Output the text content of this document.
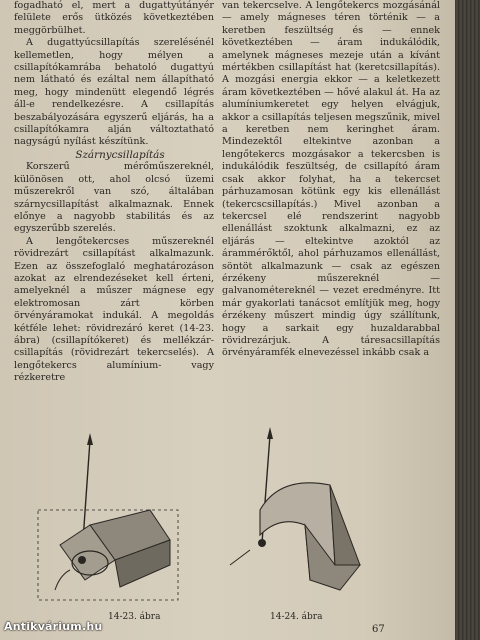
fogadható el, mert a dugattyútányér felülete erős ütközés következtében meggörbülhet.

A dugattyúcsillapítás szerelésénél kellemetlen, hogy mélyen a csillapítókamrába behatoló dugattyú nem látható és ezáltal nem állapítható meg, hogy mindenütt elegendő légrés áll-e rendelkezésre. A csillapítás beszabályozására egyszerű eljárás, ha a csillapítókamra alján változtatható nagyságú nyílást készítünk.

Szárnycsillapítás

Korszerű mérőműszereknél, különösen ott, ahol olcsó üzemi műszerekről van szó, általában szárnycsillapítást alkalmaznak. Ennek előnye a nagyobb stabilitás és az egyszerűbb szerelés.

A lengőtekercses műszereknél rövidrezárt csillapítást alkalmazunk. Ezen az összefoglaló meghatározáson azokat az elrendezéseket kell érteni, amelyeknél a műszer mágnese egy elektromosan zárt körben örvényáramokat indukál. A megoldás kétféle lehet: rövidrezáró keret (14-23. ábra) (csillapítókeret) és mellékzár-csillapítás (rövidrezárt tekercselés). A lengőtekercs alumínium- vagy rézkeretre

van tekercselve. A lengőtekercs mozgásánál — amely mágneses téren történik — a keretben feszültség és — ennek következtében — áram indukálódik, amelynek mágneses mezeje után a kívánt mértékben csillapítást hat (keretcsillapítás). A mozgási energia ekkor — a keletkezett áram következtében — hővé alakul át. Ha az alumíniumkeretet egy helyen elvágjuk, akkor a csillapítás teljesen megszűnik, mivel a keretben nem keringhet áram. Mindezektől eltekintve azonban a lengőtekercs mozgásakor a tekercsben is indukálódik feszültség, de csillapító áram csak akkor folyhat, ha a tekercset párhuzamosan kötünk egy kis ellenállást (tekercscsillapítás.) Mivel azonban a tekercsel elé rendszerint nagyobb ellenállást szoktunk alkalmazni, ez az eljárás — eltekintve azoktól az árammérőktől, ahol párhuzamos ellenállást, söntöt alkalmazunk — csak az egészen érzékeny műszereknél — galvanométereknél — vezet eredményre. Itt már gyakorlati tanácsot említjük meg, hogy érzékeny műszert mindig úgy szállítunk, hogy a sarkait egy huzaldarabbal rövidrezárjuk. A táresacsillapítás örvényáramfék elnevezéssel inkább csak a

14-23. ábra	14-24. ábra
67
Antikvárium.hu
